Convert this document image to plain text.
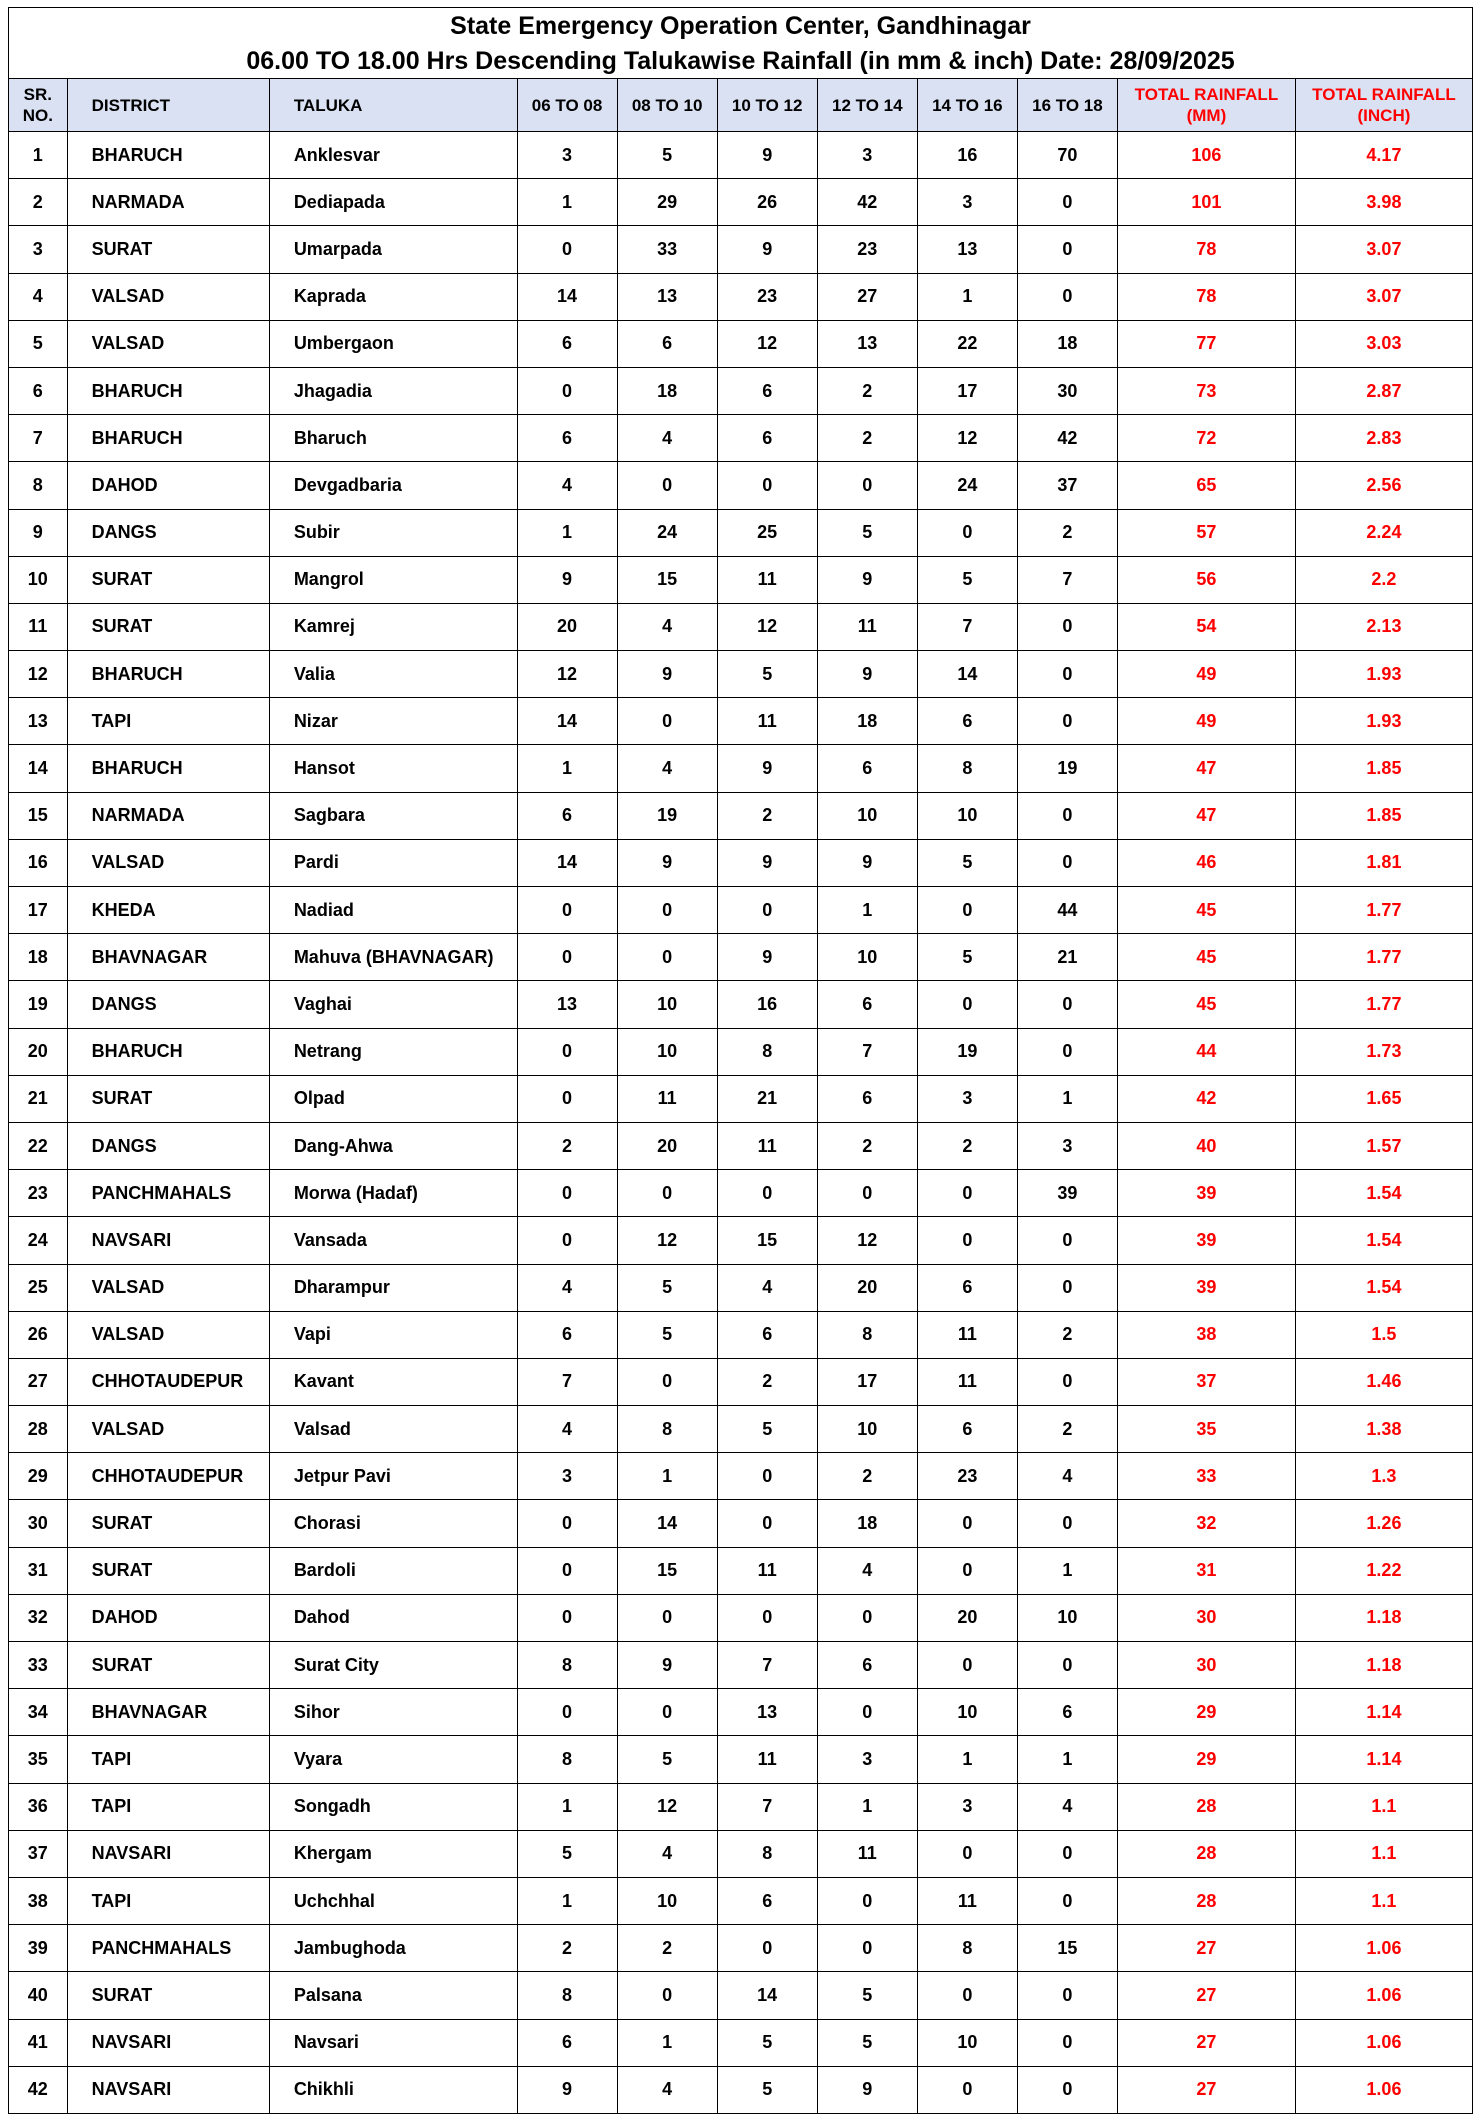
State Emergency Operation Center, Gandhinagar										
06.00 TO 18.00 Hrs Descending Talukawise Rainfall (in mm & inch) Date: 28/09/2025										
SR. NO.	DISTRICT	TALUKA	06 TO 08	08 TO 10	10 TO 12	12 TO 14	14 TO 16	16 TO 18	TOTAL RAINFALL (MM)	TOTAL RAINFALL (INCH)
1	BHARUCH	Anklesvar	3	5	9	3	16	70	106	4.17
2	NARMADA	Dediapada	1	29	26	42	3	0	101	3.98
3	SURAT	Umarpada	0	33	9	23	13	0	78	3.07
4	VALSAD	Kaprada	14	13	23	27	1	0	78	3.07
5	VALSAD	Umbergaon	6	6	12	13	22	18	77	3.03
6	BHARUCH	Jhagadia	0	18	6	2	17	30	73	2.87
7	BHARUCH	Bharuch	6	4	6	2	12	42	72	2.83
8	DAHOD	Devgadbaria	4	0	0	0	24	37	65	2.56
9	DANGS	Subir	1	24	25	5	0	2	57	2.24
10	SURAT	Mangrol	9	15	11	9	5	7	56	2.2
11	SURAT	Kamrej	20	4	12	11	7	0	54	2.13
12	BHARUCH	Valia	12	9	5	9	14	0	49	1.93
13	TAPI	Nizar	14	0	11	18	6	0	49	1.93
14	BHARUCH	Hansot	1	4	9	6	8	19	47	1.85
15	NARMADA	Sagbara	6	19	2	10	10	0	47	1.85
16	VALSAD	Pardi	14	9	9	9	5	0	46	1.81
17	KHEDA	Nadiad	0	0	0	1	0	44	45	1.77
18	BHAVNAGAR	Mahuva (BHAVNAGAR)	0	0	9	10	5	21	45	1.77
19	DANGS	Vaghai	13	10	16	6	0	0	45	1.77
20	BHARUCH	Netrang	0	10	8	7	19	0	44	1.73
21	SURAT	Olpad	0	11	21	6	3	1	42	1.65
22	DANGS	Dang-Ahwa	2	20	11	2	2	3	40	1.57
23	PANCHMAHALS	Morwa (Hadaf)	0	0	0	0	0	39	39	1.54
24	NAVSARI	Vansada	0	12	15	12	0	0	39	1.54
25	VALSAD	Dharampur	4	5	4	20	6	0	39	1.54
26	VALSAD	Vapi	6	5	6	8	11	2	38	1.5
27	CHHOTAUDEPUR	Kavant	7	0	2	17	11	0	37	1.46
28	VALSAD	Valsad	4	8	5	10	6	2	35	1.38
29	CHHOTAUDEPUR	Jetpur Pavi	3	1	0	2	23	4	33	1.3
30	SURAT	Chorasi	0	14	0	18	0	0	32	1.26
31	SURAT	Bardoli	0	15	11	4	0	1	31	1.22
32	DAHOD	Dahod	0	0	0	0	20	10	30	1.18
33	SURAT	Surat City	8	9	7	6	0	0	30	1.18
34	BHAVNAGAR	Sihor	0	0	13	0	10	6	29	1.14
35	TAPI	Vyara	8	5	11	3	1	1	29	1.14
36	TAPI	Songadh	1	12	7	1	3	4	28	1.1
37	NAVSARI	Khergam	5	4	8	11	0	0	28	1.1
38	TAPI	Uchchhal	1	10	6	0	11	0	28	1.1
39	PANCHMAHALS	Jambughoda	2	2	0	0	8	15	27	1.06
40	SURAT	Palsana	8	0	14	5	0	0	27	1.06
41	NAVSARI	Navsari	6	1	5	5	10	0	27	1.06
42	NAVSARI	Chikhli	9	4	5	9	0	0	27	1.06
